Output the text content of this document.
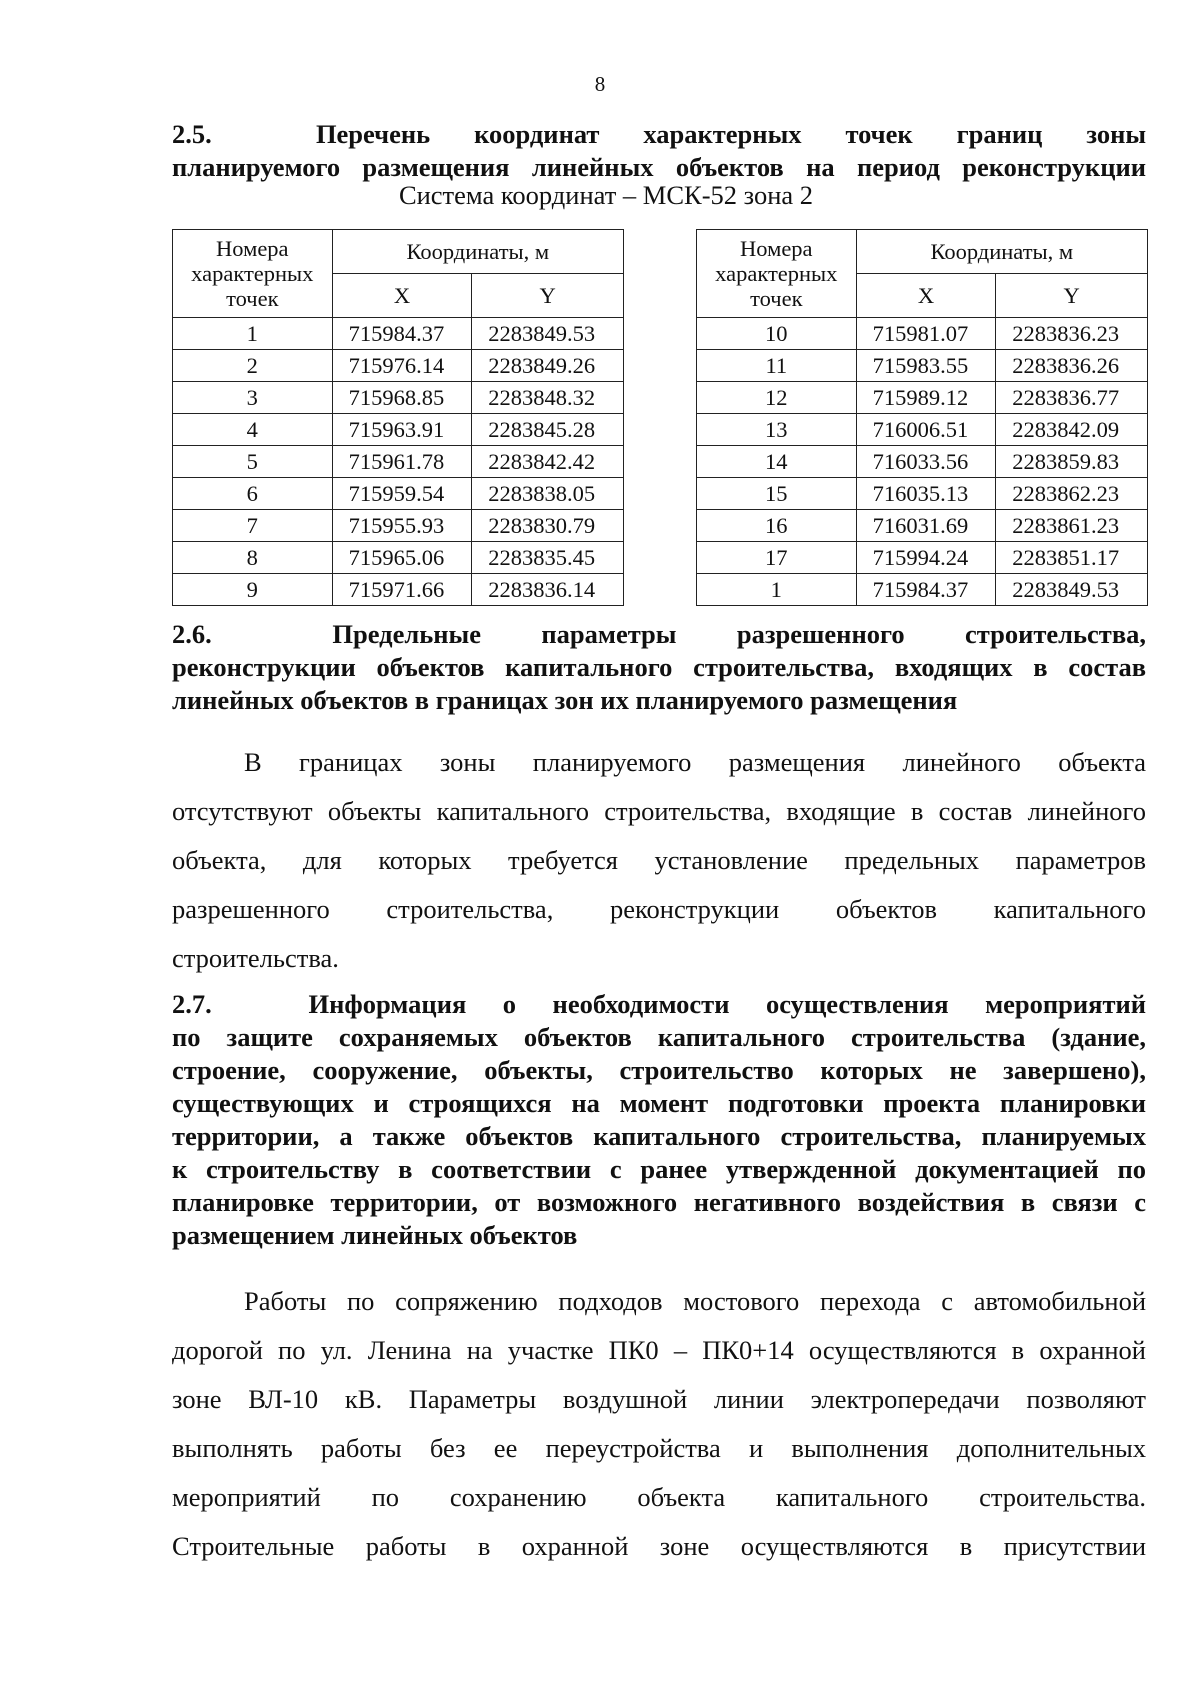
8
2.5.	Перечень координат характерных точек границ зоны
планируемого размещения линейных объектов на период реконструкции
Система координат – МСК-52 зона 2
Номера характерных точек	Координаты, м	
	X	Y
1	715984.37	2283849.53
2	715976.14	2283849.26
3	715968.85	2283848.32
4	715963.91	2283845.28
5	715961.78	2283842.42
6	715959.54	2283838.05
7	715955.93	2283830.79
8	715965.06	2283835.45
9	715971.66	2283836.14
Номера характерных точек	Координаты, м	
	X	Y
10	715981.07	2283836.23
11	715983.55	2283836.26
12	715989.12	2283836.77
13	716006.51	2283842.09
14	716033.56	2283859.83
15	716035.13	2283862.23
16	716031.69	2283861.23
17	715994.24	2283851.17
1	715984.37	2283849.53
2.6.	Предельные параметры разрешенного строительства,
реконструкции объектов капитального строительства, входящих в состав
линейных объектов в границах зон их планируемого размещения
В границах зоны планируемого размещения линейного объекта
отсутствуют объекты капитального строительства, входящие в состав линейного
объекта, для которых требуется установление предельных параметров
разрешенного строительства, реконструкции объектов капитального
строительства.
2.7.	Информация о необходимости осуществления мероприятий
по защите сохраняемых объектов капитального строительства (здание,
строение, сооружение, объекты, строительство которых не завершено),
существующих и строящихся на момент подготовки проекта планировки
территории, а также объектов капитального строительства, планируемых
к строительству в соответствии с ранее утвержденной документацией по
планировке территории, от возможного негативного воздействия в связи с
размещением линейных объектов
Работы по сопряжению подходов мостового перехода с автомобильной
дорогой по ул. Ленина на участке ПК0 – ПК0+14 осуществляются в охранной
зоне ВЛ-10 кВ. Параметры воздушной линии электропередачи позволяют
выполнять работы без ее переустройства и выполнения дополнительных
мероприятий по сохранению объекта капитального строительства.
Строительные работы в охранной зоне осуществляются в присутствии
